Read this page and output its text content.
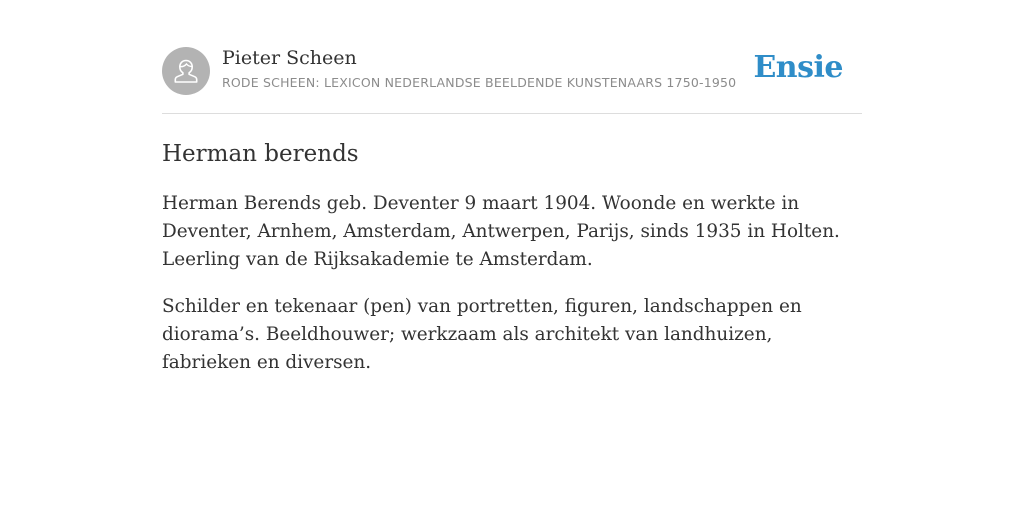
Pieter Scheen
RODE SCHEEN: LEXICON NEDERLANDSE BEELDENDE KUNSTENAARS 1750-1950 Ensie
Herman berends

Herman Berends geb. Deventer 9 maart 1904. Woonde en werkte in Deventer, Arnhem, Amsterdam, Antwerpen, Parijs, sinds 1935 in Holten. Leerling van de Rijksakademie te Amsterdam.

Schilder en tekenaar (pen) van portretten, figuren, landschappen en diorama’s. Beeldhouwer; werkzaam als architekt van landhuizen, fabrieken en diversen.
